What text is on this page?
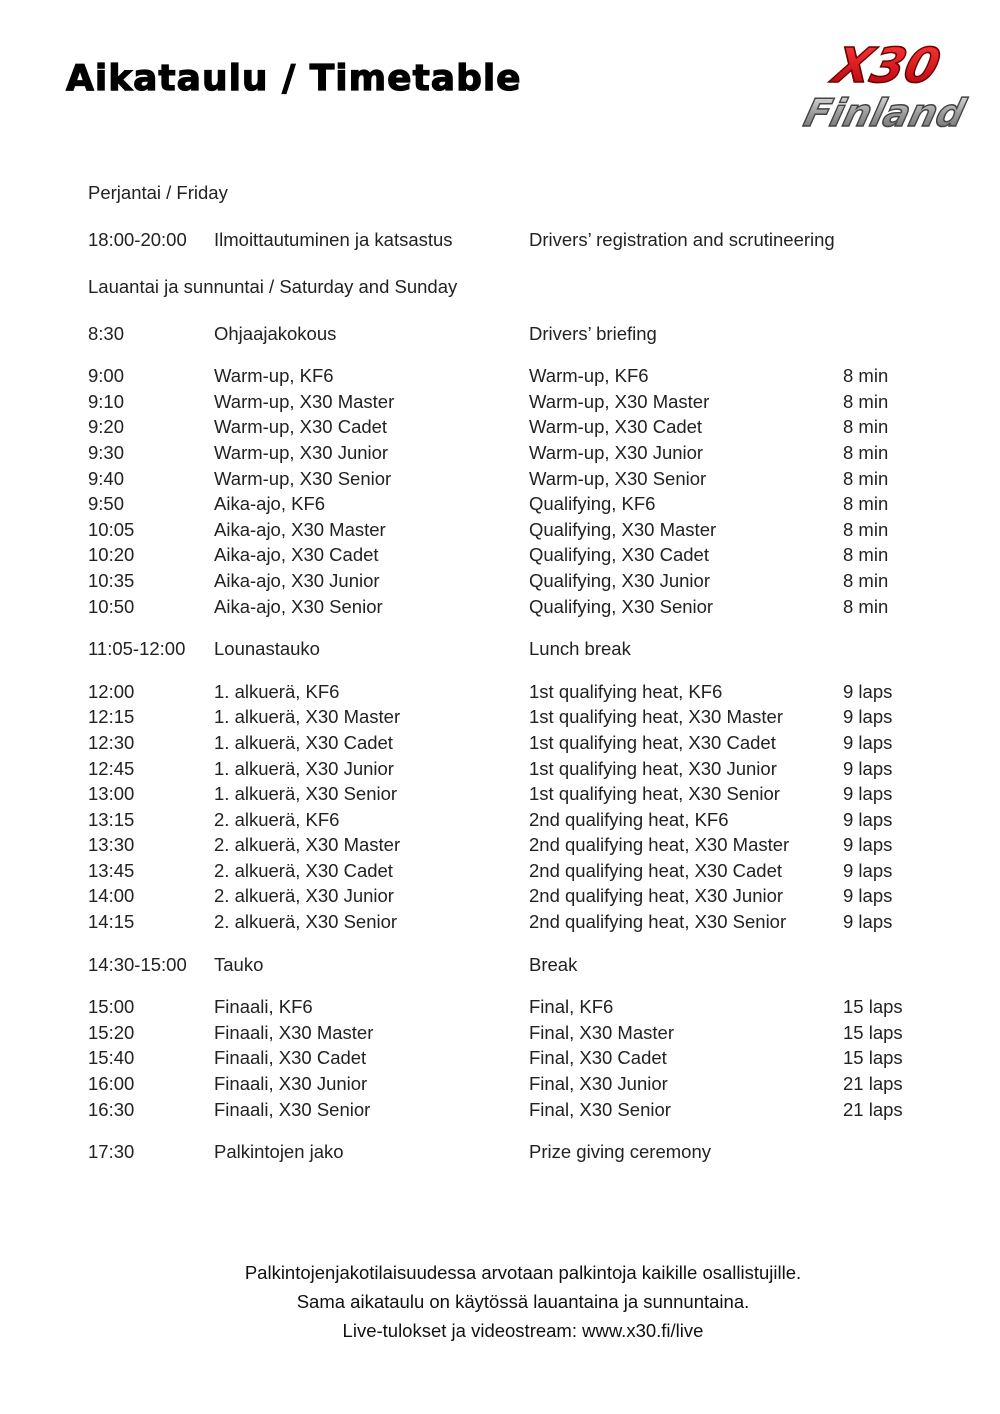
Aikataulu / Timetable	X30
Finland
Perjantai / Friday
18:00-20:00 Ilmoittautuminen ja katsastus	Drivers’ registration and scrutineering
Lauantai ja sunnuntai / Saturday and Sunday
8:30	Ohjaajakokous	Drivers’ briefing
9:00	Warm-up, KF6	Warm-up, KF6	8 min
9:10	Warm-up, X30 Master	Warm-up, X30 Master	8 min
9:20	Warm-up, X30 Cadet	Warm-up, X30 Cadet	8 min
9:30	Warm-up, X30 Junior	Warm-up, X30 Junior	8 min
9:40	Warm-up, X30 Senior	Warm-up, X30 Senior	8 min
9:50	Aika-ajo, KF6	Qualifying, KF6	8 min
10:05	Aika-ajo, X30 Master	Qualifying, X30 Master	8 min
10:20	Aika-ajo, X30 Cadet	Qualifying, X30 Cadet	8 min
10:35	Aika-ajo, X30 Junior	Qualifying, X30 Junior	8 min
10:50	Aika-ajo, X30 Senior	Qualifying, X30 Senior	8 min
11:05-12:00 Lounastauko	Lunch break
12:00	1. alkuerä, KF6	1st qualifying heat, KF6	9 laps
12:15	1. alkuerä, X30 Master	1st qualifying heat, X30 Master	9 laps
12:30	1. alkuerä, X30 Cadet	1st qualifying heat, X30 Cadet	9 laps
12:45	1. alkuerä, X30 Junior	1st qualifying heat, X30 Junior	9 laps
13:00	1. alkuerä, X30 Senior	1st qualifying heat, X30 Senior	9 laps
13:15	2. alkuerä, KF6	2nd qualifying heat, KF6	9 laps
13:30	2. alkuerä, X30 Master	2nd qualifying heat, X30 Master	9 laps
13:45	2. alkuerä, X30 Cadet	2nd qualifying heat, X30 Cadet	9 laps
14:00	2. alkuerä, X30 Junior	2nd qualifying heat, X30 Junior	9 laps
14:15	2. alkuerä, X30 Senior	2nd qualifying heat, X30 Senior	9 laps
14:30-15:00 Tauko	Break
15:00	Finaali, KF6	Final, KF6	15 laps
15:20	Finaali, X30 Master	Final, X30 Master	15 laps
15:40	Finaali, X30 Cadet	Final, X30 Cadet	15 laps
16:00	Finaali, X30 Junior	Final, X30 Junior	21 laps
16:30	Finaali, X30 Senior	Final, X30 Senior	21 laps
17:30	Palkintojen jako	Prize giving ceremony
Palkintojenjakotilaisuudessa arvotaan palkintoja kaikille osallistujille.
Sama aikataulu on käytössä lauantaina ja sunnuntaina.
Live-tulokset ja videostream: www.x30.fi/live
